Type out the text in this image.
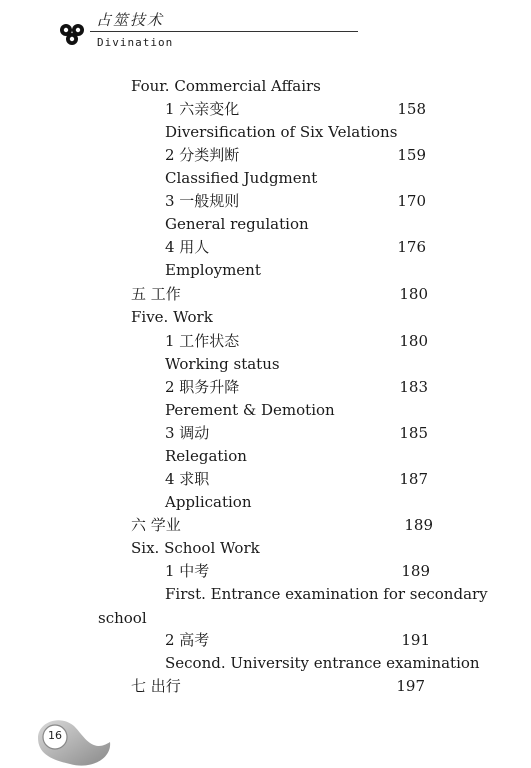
占筮技术
Divination
Four. Commercial Affairs
1 六亲变化	158
Diversification of Six Velations
2 分类判断	159
Classified Judgment
3 一般规则	170
General regulation
4 用人	176
Employment
五 工作	180
Five. Work
1 工作状态	180
Working status
2 职务升降	183
Perement & Demotion
3 调动	185
Relegation
4 求职	187
Application
六 学业	189
Six. School Work
1 中考	189
First. Entrance examination for secondary
school
2 高考	191
Second. University entrance examination
七 出行	197
16
